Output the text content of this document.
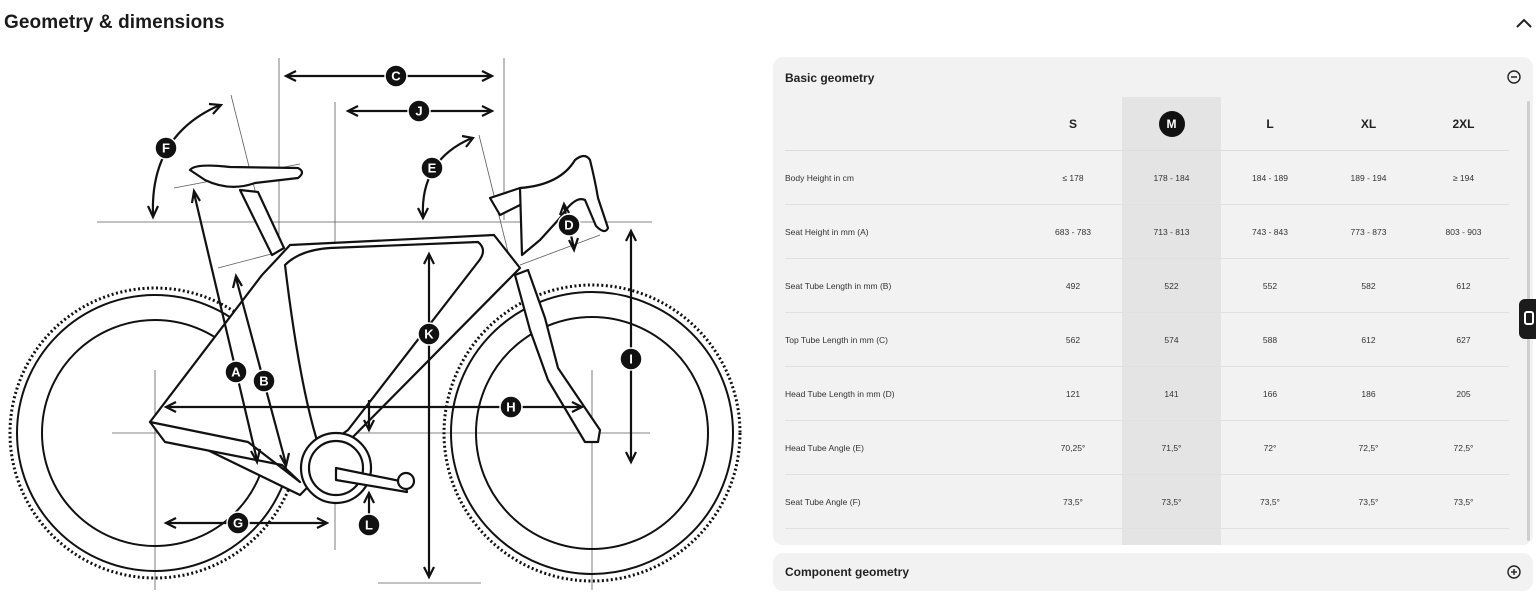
Geometry & dimensions
C
J
F
E
D
K
I
A
B
H
G	L
Basic geometry
	S	M	L	XL	2XL
Body Height in cm	≤ 178	178 - 184	184 - 189	189 - 194	≥ 194
Seat Height in mm (A)	683 - 783	713 - 813	743 - 843	773 - 873	803 - 903
Seat Tube Length in mm (B)	492	522	552	582	612
Top Tube Length in mm (C)	562	574	588	612	627
Head Tube Length in mm (D)	121	141	166	186	205
Head Tube Angle (E)	70,25°	71,5°	72°	72,5°	72,5°
Seat Tube Angle (F)	73,5°	73,5°	73,5°	73,5°	73,5°
Component geometry
